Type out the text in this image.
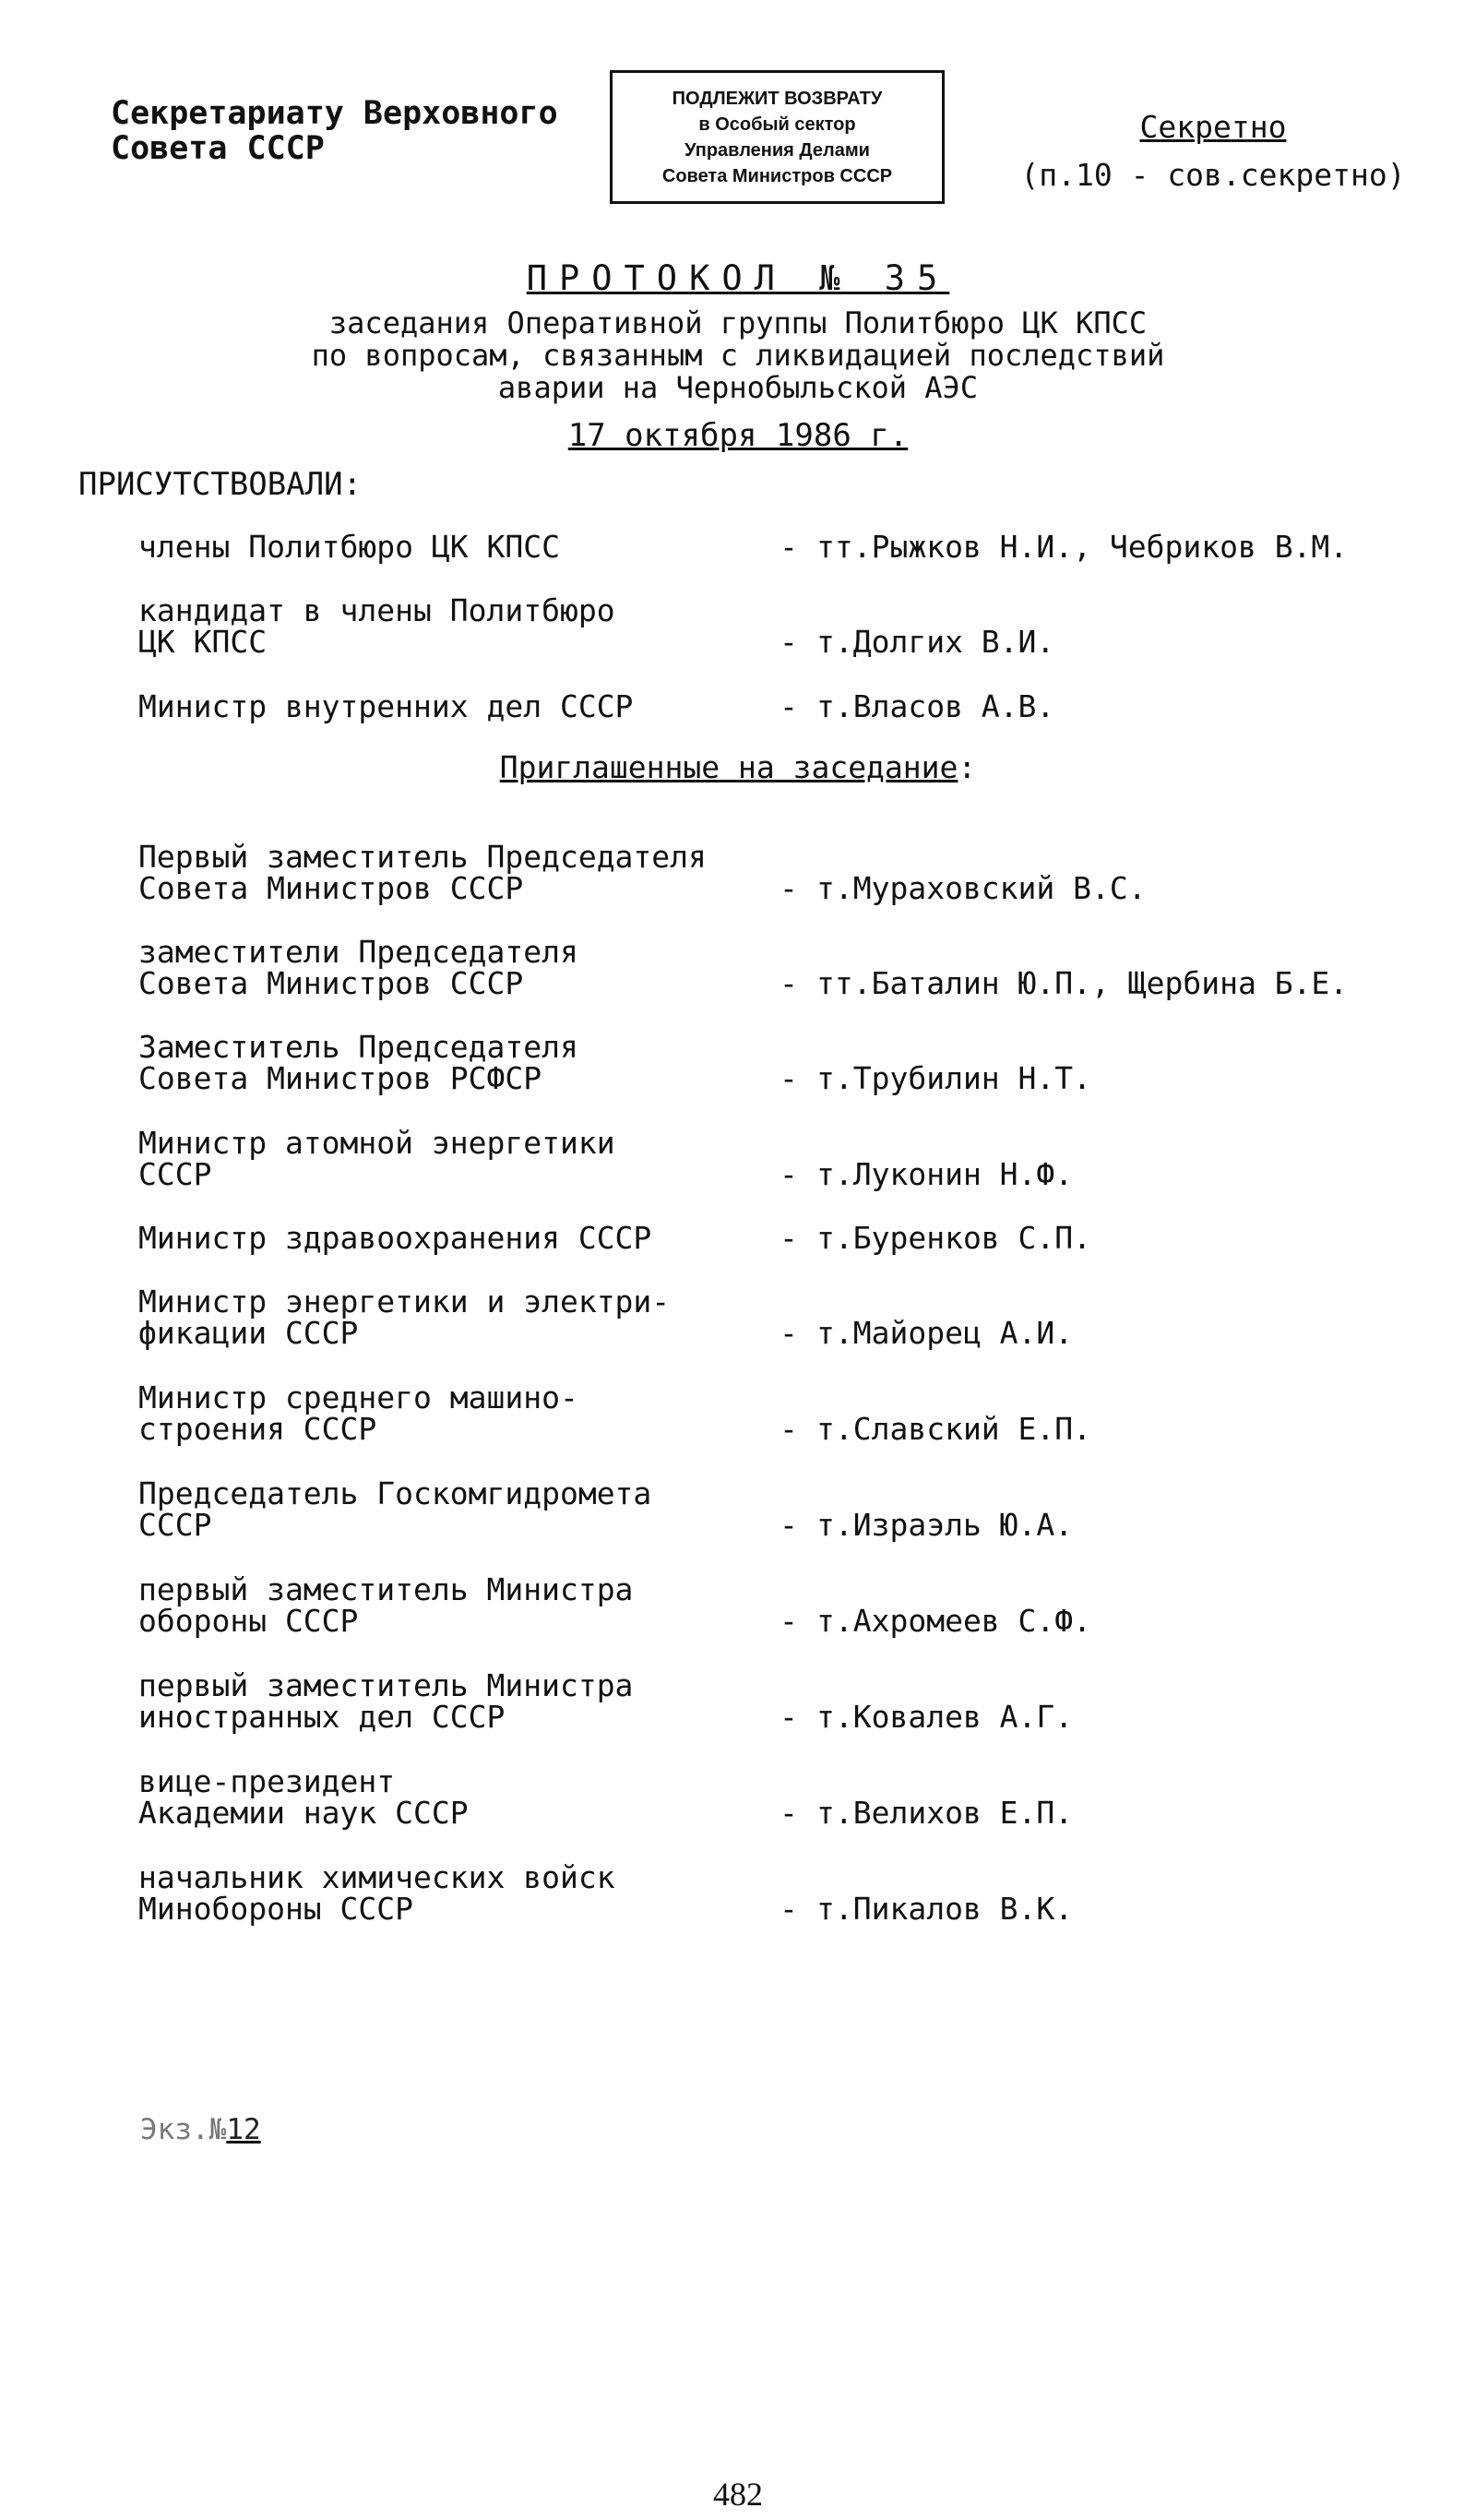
Секретариату Верховного
Совета СССР
ПОДЛЕЖИТ ВОЗВРАТУ
в Особый сектор
Управления Делами
Совета Министров СССР
Секретно
(п.10 - сов.секретно)
ПРОТОКОЛ № 35
заседания Оперативной группы Политбюро ЦК КПСС
по вопросам, связанным с ликвидацией последствий
аварии на Чернобыльской АЭС
17 октября 1986 г.
ПРИСУТСТВОВАЛИ:
члены Политбюро ЦК КПСС	- тт.Рыжков Н.И., Чебриков В.М.
кандидат в члены Политбюро
ЦК КПСС	- т.Долгих В.И.
Министр внутренних дел СССР	- т.Власов А.В.
Приглашенные на заседание:
Первый заместитель Председателя
Совета Министров СССР	- т.Мураховский В.С.
заместители Председателя
Совета Министров СССР	- тт.Баталин Ю.П., Щербина Б.Е.
Заместитель Председателя
Совета Министров РСФСР	- т.Трубилин Н.Т.
Министр атомной энергетики
СССР	- т.Луконин Н.Ф.
Министр здравоохранения СССР	- т.Буренков С.П.
Министр энергетики и электри-
фикации СССР	- т.Майорец А.И.
Министр среднего машино-
строения СССР	- т.Славский Е.П.
Председатель Госкомгидромета
СССР	- т.Израэль Ю.А.
первый заместитель Министра
обороны СССР	- т.Ахромеев С.Ф.
первый заместитель Министра
иностранных дел СССР	- т.Ковалев А.Г.
вице-президент
Академии наук СССР	- т.Велихов Е.П.
начальник химических войск
Минобороны СССР	- т.Пикалов В.К.
Экз.№12
482
